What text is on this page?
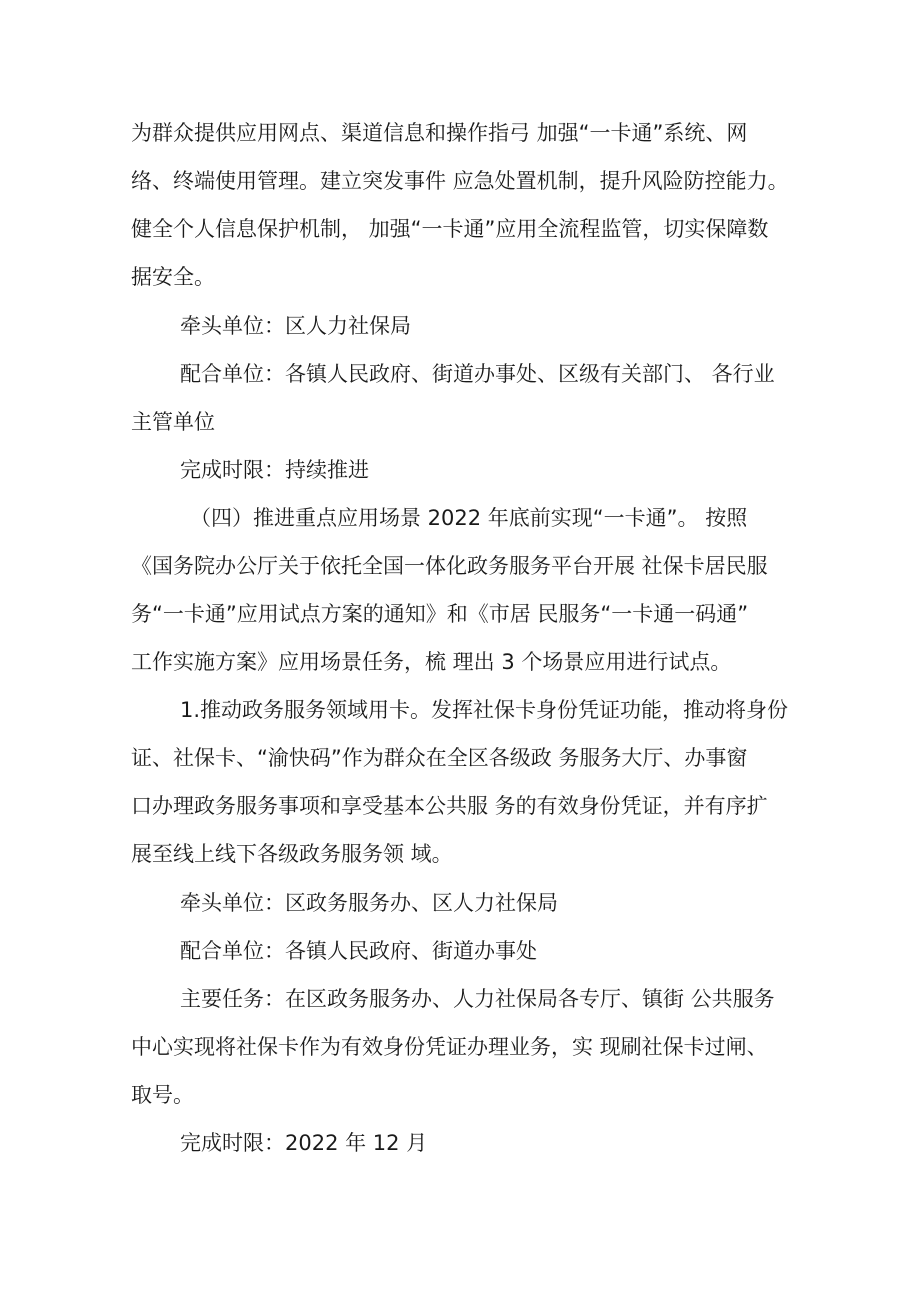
为群众提供应用网点、渠道信息和操作指弓 加强“一卡通”系统、网
络、终端使用管理。建立突发事件 应急处置机制，提升风险防控能力。
健全个人信息保护机制， 加强“一卡通”应用全流程监管，切实保障数
据安全。
牵头单位：区人力社保局
配合单位：各镇人民政府、街道办事处、区级有关部门、 各行业
主管单位
完成时限：持续推进
（四）推进重点应用场景 2022 年底前实现“一卡通”。 按照
《国务院办公厅关于依托全国一体化政务服务平台开展 社保卡居民服
务“一卡通”应用试点方案的通知》和《市居 民服务“一卡通一码通”
工作实施方案》应用场景任务，梳 理出 3 个场景应用进行试点。
1.推动政务服务领域用卡。发挥社保卡身份凭证功能，推动将身份
证、社保卡、“渝快码”作为群众在全区各级政 务服务大厅、办事窗
口办理政务服务事项和享受基本公共服 务的有效身份凭证，并有序扩
展至线上线下各级政务服务领 域。
牵头单位：区政务服务办、区人力社保局
配合单位：各镇人民政府、街道办事处
主要任务：在区政务服务办、人力社保局各专厅、镇街 公共服务
中心实现将社保卡作为有效身份凭证办理业务，实 现刷社保卡过闸、
取号。
完成时限：2022 年 12 月
